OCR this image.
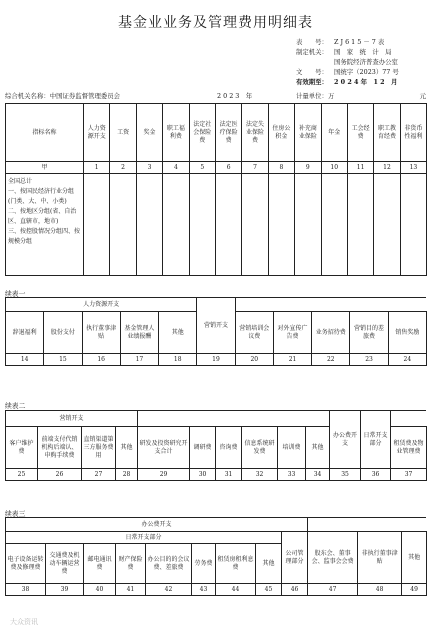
基金业业务及管理费用明细表
表　　号： Z J 6 1 5 － 7 表
制定机关： 国　家　统　计　局
国务院经济普查办公室
文　　号： 国统字（2023）77 号
有效期至： 2 0 2 4 年　1 2　月
综合机关名称：中国证券监督管理委员会	2 0 2 3　年	计量单位：万	元
指标名称	人力资源开支	工资	奖金	职工福利费	法定社会保险费	法定医疗保险费	法定失业保险费	住房公积金	补充商业保险	年金	工会经费	职工教育经费	非货币性福利
甲	1	2	3	4	5	6	7	8	9	10	11	12	13
全国总计
一、按国民经济行业分组(门类、大、中、小类)
二、按地区分组(省、自治区、直辖市，地市)
三、按控股情况分组四、按规模分组													
续表一
人力资源开支					营销开支					
辞退福利	股份支付	执行董事津贴	基金管理人业绩报酬	其他		营销培训会议费	对外宣传广告费	业务招待费	营销目的差旅费	销售奖励
14	15	16	17	18	19	20	21	22	23	24
续表二
营销开支										办公费开支	日常开支部分	
客户维护费	前端支付代销机构后端认、申购手续费	直销渠道第三方服务费用	其他	研发及投资研究开支合计	调研费	咨询费	信息系统研发费	培训费	其他			租赁费及物业管理费
25	26	27	28	29	30	31	32	33	34	35	36	37
续表三
办公费开支											
日常开支部分								公司管理部分	股东会、董事会、监事会会费	非执行董事津贴	其他
电子设备运转费及修理费	交通费及机动车辆运营费	邮电通讯费	财产保险费	办公目的的会议费、差旅费	劳务费	租赁房租利息费	其他				
38	39	40	41	42	43	44	45	46	47	48	49
大众资讯
